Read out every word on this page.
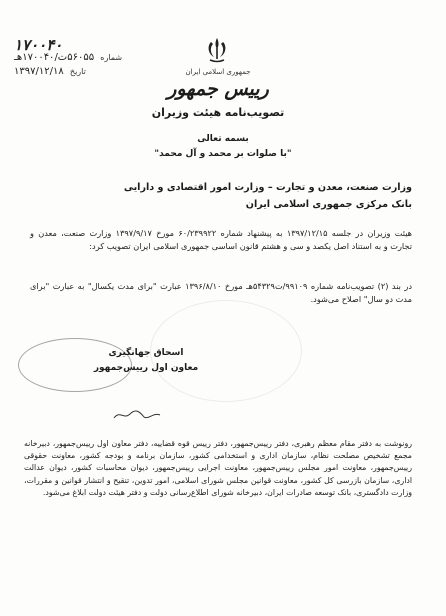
۱۷۰۰۴۰
شماره ۵۶۰۵۵ت/۱۷۰۰۴۰هـ
تاریخ ۱۳۹۷/۱۲/۱۸	جمهوری اسلامی ایران
رییس جمهور
تصویب‌نامه هیئت وزیران
بسمه تعالی
"با صلوات بر محمد و آل محمد"
وزارت صنعت، معدن و تجارت – وزارت امور اقتصادی و دارایی
بانک مرکزی جمهوری اسلامی ایران
هیئت وزیران در جلسه ۱۳۹۷/۱۲/۱۵ به پیشنهاد شماره ۶۰/۲۳۹۹۲۲ مورخ ۱۳۹۷/۹/۱۷ وزارت صنعت، معدن و تجارت و به استناد اصل یکصد و سی و هشتم قانون اساسی جمهوری اسلامی ایران تصویب کرد:
در بند (۲) تصویب‌نامه شماره ۹۹۱۰۹/ت۵۴۳۲۹هـ مورخ ۱۳۹۶/۸/۱۰ عبارت "برای مدت یکسال" به عبارت "برای مدت دو سال" اصلاح می‌شود.
اسحاق جهانگیری
معاون اول رییس‌جمهور
رونوشت به دفتر مقام معظم رهبری، دفتر رییس‌جمهور، دفتر رییس قوه قضاییه، دفتر معاون اول رییس‌جمهور، دبیرخانه مجمع تشخیص مصلحت نظام، سازمان اداری و استخدامی کشور، سازمان برنامه و بودجه کشور، معاونت حقوقی رییس‌جمهور، معاونت امور مجلس رییس‌جمهور، معاونت اجرایی رییس‌جمهور، دیوان محاسبات کشور، دیوان عدالت اداری، سازمان بازرسی کل کشور، معاونت قوانین مجلس شورای اسلامی، امور تدوین، تنقیح و انتشار قوانین و مقررات، وزارت دادگستری، بانک توسعه صادرات ایران، دبیرخانه شورای اطلاع‌رسانی دولت و دفتر هیئت دولت ابلاغ می‌شود.
